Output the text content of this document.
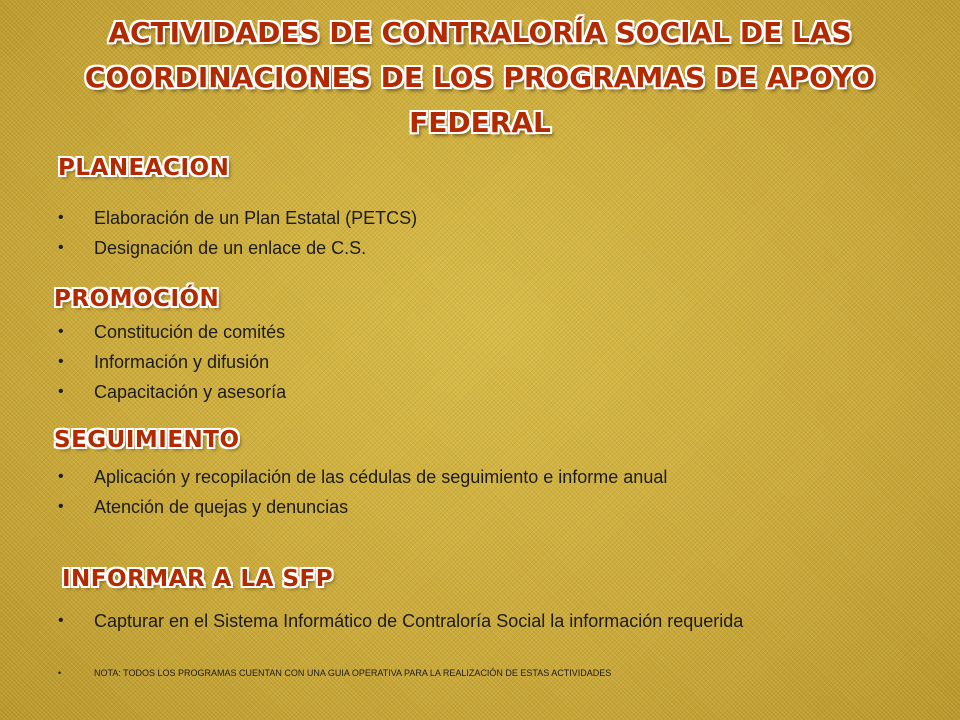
ACTIVIDADES DE CONTRALORÍA SOCIAL DE LAS COORDINACIONES DE LOS PROGRAMAS DE APOYO FEDERAL
PLANEACION
• Elaboración de un Plan Estatal (PETCS)
• Designación de un enlace de C.S.
PROMOCIÓN
• Constitución de comités
• Información y difusión
• Capacitación y asesoría
SEGUIMIENTO
• Aplicación y recopilación de las cédulas de seguimiento e informe anual
• Atención de quejas y denuncias
INFORMAR A LA SFP
• Capturar en el Sistema Informático de Contraloría Social la información requerida
• NOTA: TODOS LOS PROGRAMAS CUENTAN CON UNA GUIA OPERATIVA PARA LA REALIZACIÓN DE ESTAS ACTIVIDADES
